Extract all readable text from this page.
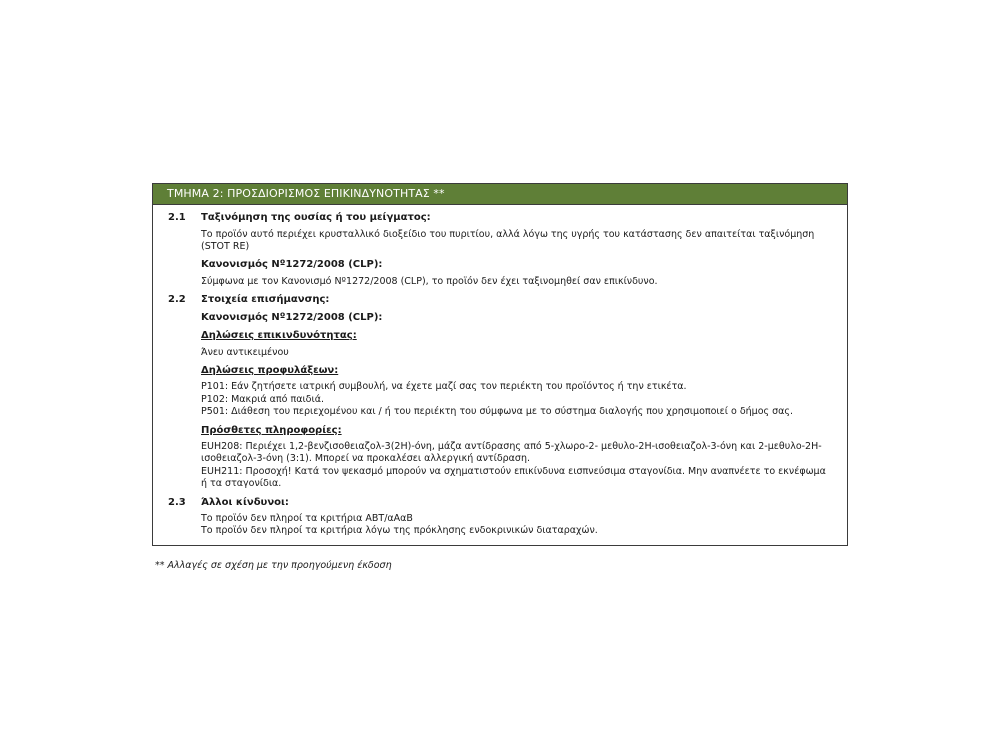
ΤΜΗΜΑ 2: ΠΡΟΣΔΙΟΡΙΣΜΟΣ ΕΠΙΚΙΝΔΥΝΟΤΗΤΑΣ **
2.1 Ταξινόμηση της ουσίας ή του μείγματος:
Το προϊόν αυτό περιέχει κρυσταλλικό διοξείδιο του πυριτίου, αλλά λόγω της υγρής του κατάστασης δεν απαιτείται ταξινόμηση (STOT RE)
Κανονισμός Nº1272/2008 (CLP):
Σύμφωνα με τον Κανονισμό Nº1272/2008 (CLP), το προϊόν δεν έχει ταξινομηθεί σαν επικίνδυνο.
2.2 Στοιχεία επισήμανσης:
Κανονισμός Nº1272/2008 (CLP):
Δηλώσεις επικινδυνότητας:
Άνευ αντικειμένου
Δηλώσεις προφυλάξεων:
P101: Εάν ζητήσετε ιατρική συμβουλή, να έχετε μαζί σας τον περιέκτη του προϊόντος ή την ετικέτα.
P102: Μακριά από παιδιά.
P501: Διάθεση του περιεχομένου και / ή του περιέκτη του σύμφωνα με το σύστημα διαλογής που χρησιμοποιεί ο δήμος σας.
Πρόσθετες πληροφορίες:
EUH208: Περιέχει 1,2-βενζισοθειαζολ-3(2H)-όνη, μάζα αντίδρασης από 5-χλωρο-2- μεθυλο-2H-ισοθειαζολ-3-όνη και 2-μεθυλο-2H-ισοθειαζολ-3-όνη (3:1). Μπορεί να προκαλέσει αλλεργική αντίδραση.
EUH211: Προσοχή! Κατά τον ψεκασμό μπορούν να σχηματιστούν επικίνδυνα εισπνεύσιμα σταγονίδια. Μην αναπνέετε το εκνέφωμα ή τα σταγονίδια.
2.3 Άλλοι κίνδυνοι:
Το προϊόν δεν πληροί τα κριτήρια ΑΒΤ/αΑαΒ
Το προϊόν δεν πληροί τα κριτήρια λόγω της πρόκλησης ενδοκρινικών διαταραχών.
** Αλλαγές σε σχέση με την προηγούμενη έκδοση
